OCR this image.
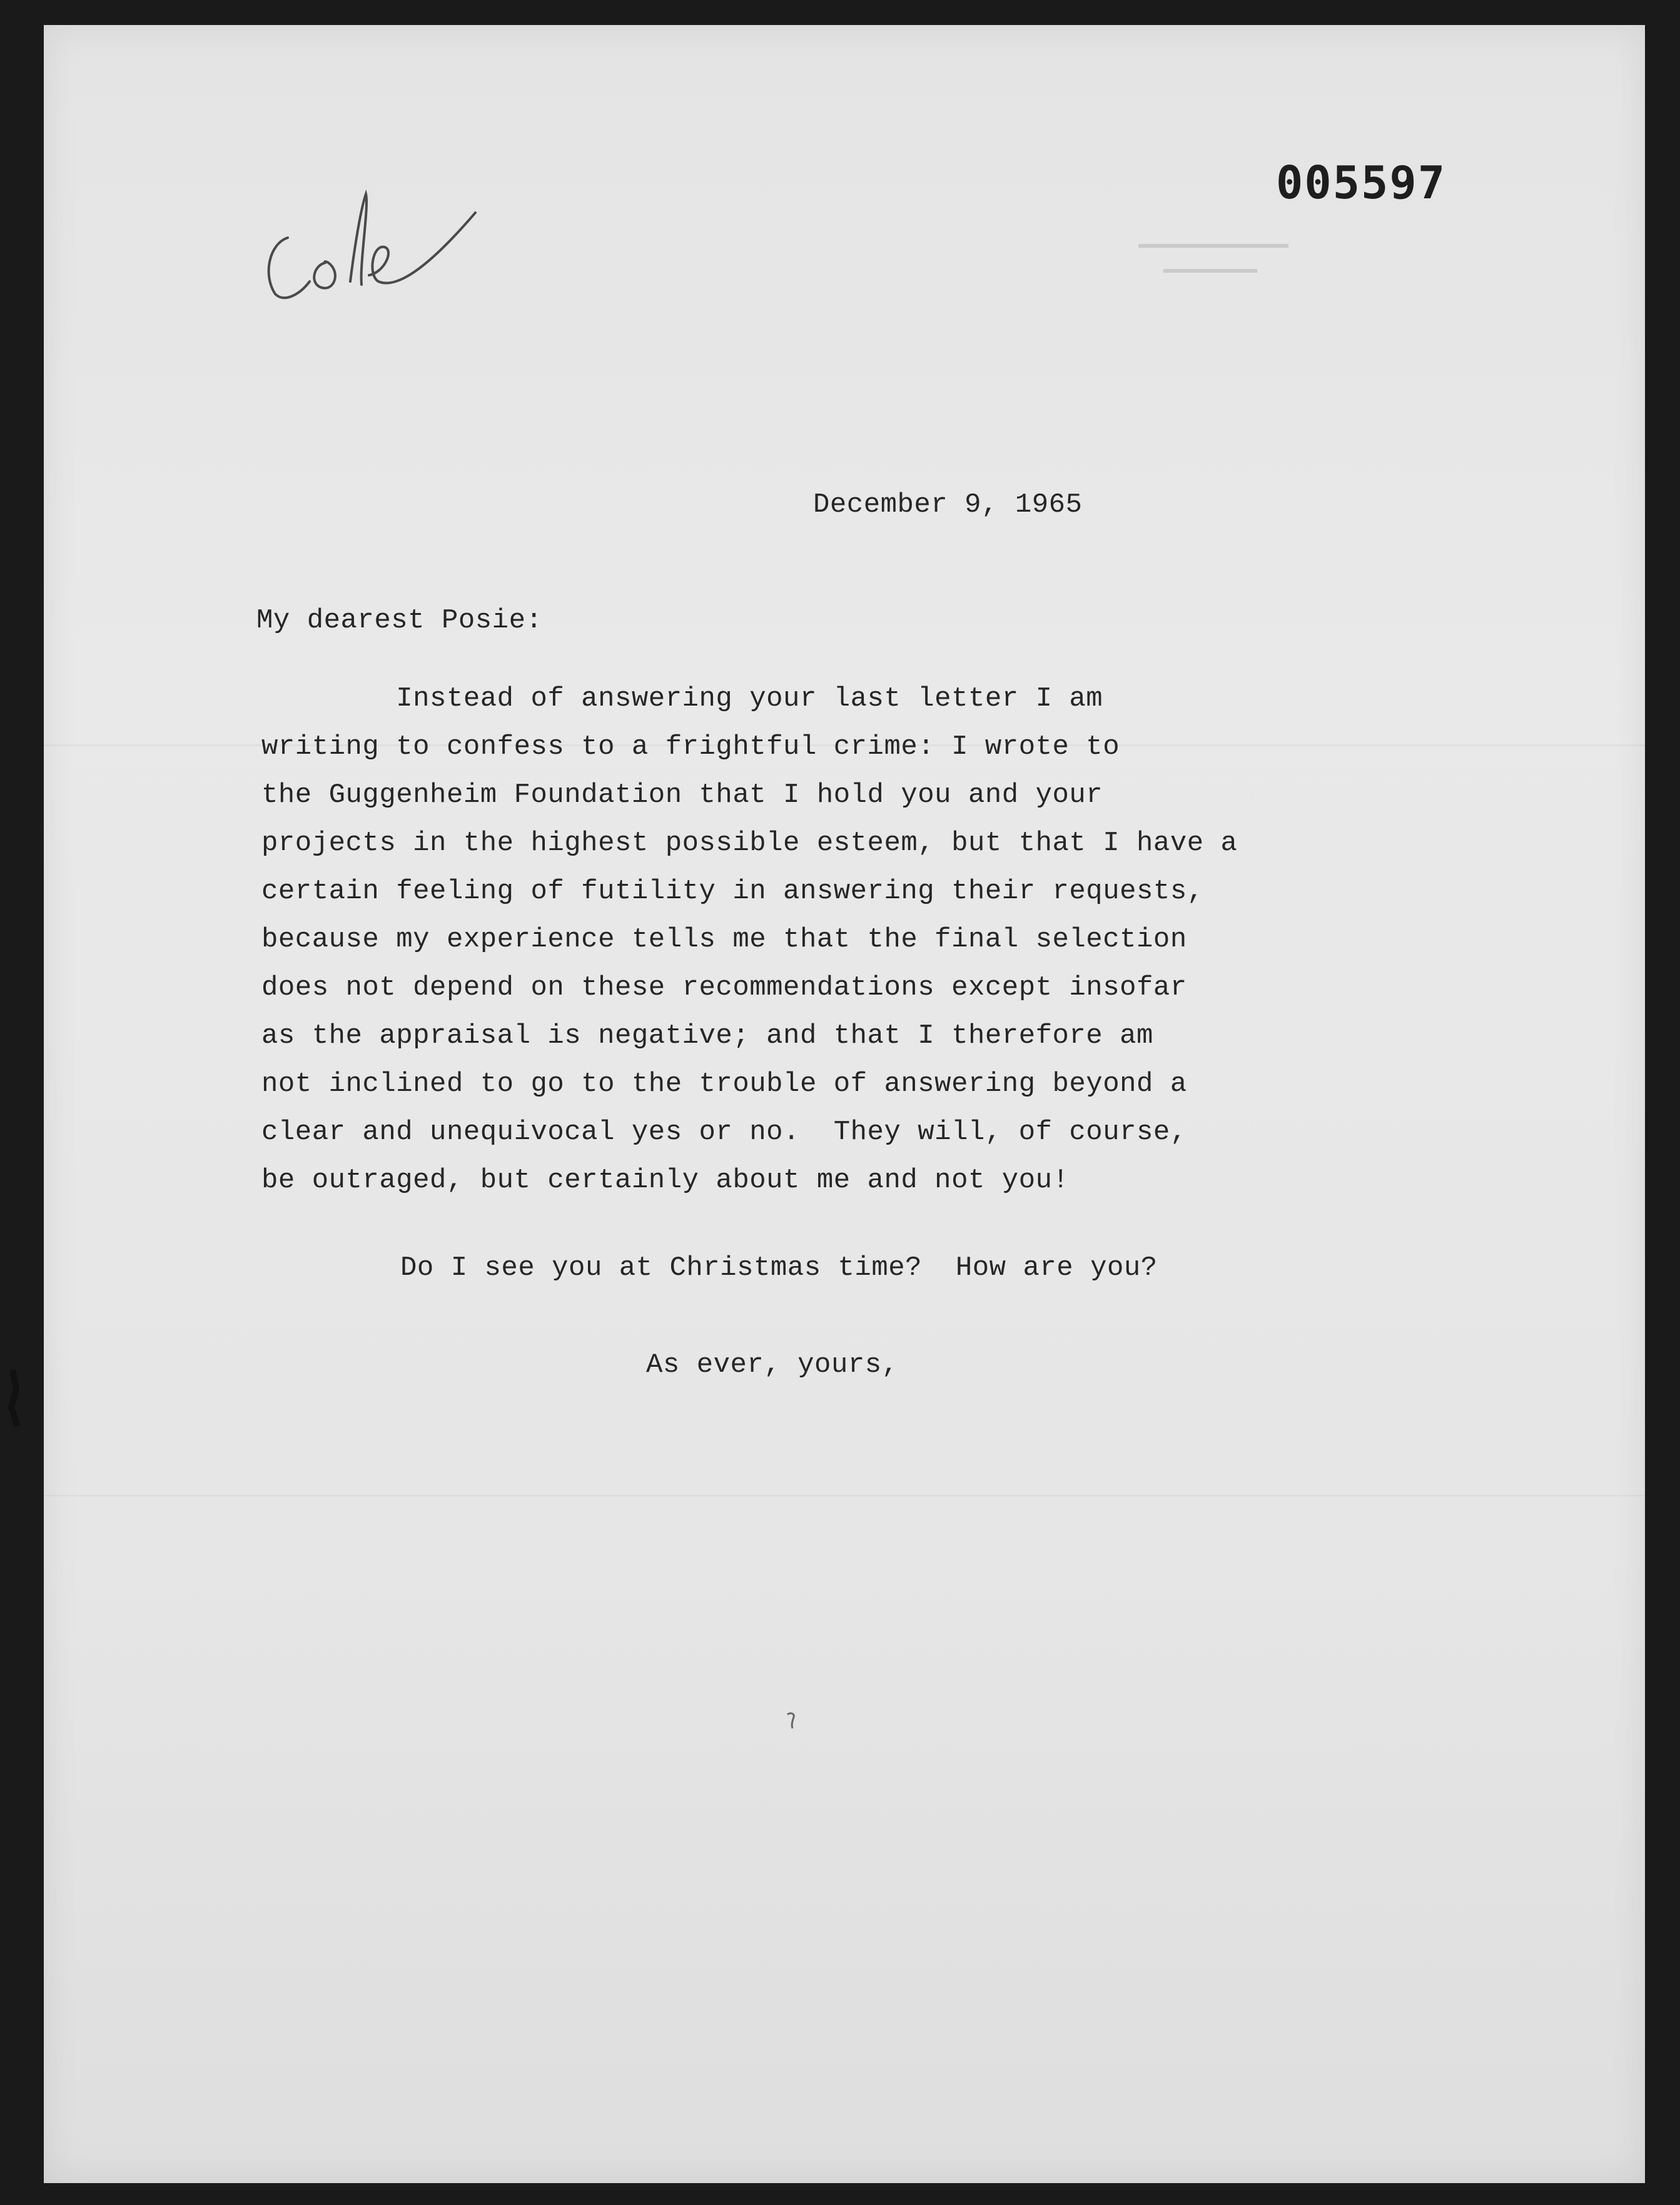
005597
December 9, 1965
My dearest Posie:
Instead of answering your last letter I am
writing to confess to a frightful crime: I wrote to
the Guggenheim Foundation that I hold you and your
projects in the highest possible esteem, but that I have a
certain feeling of futility in answering their requests,
because my experience tells me that the final selection
does not depend on these recommendations except insofar
as the appraisal is negative; and that I therefore am
not inclined to go to the trouble of answering beyond a
clear and unequivocal yes or no.  They will, of course,
be outraged, but certainly about me and not you!
Do I see you at Christmas time?  How are you?
As ever, yours,
